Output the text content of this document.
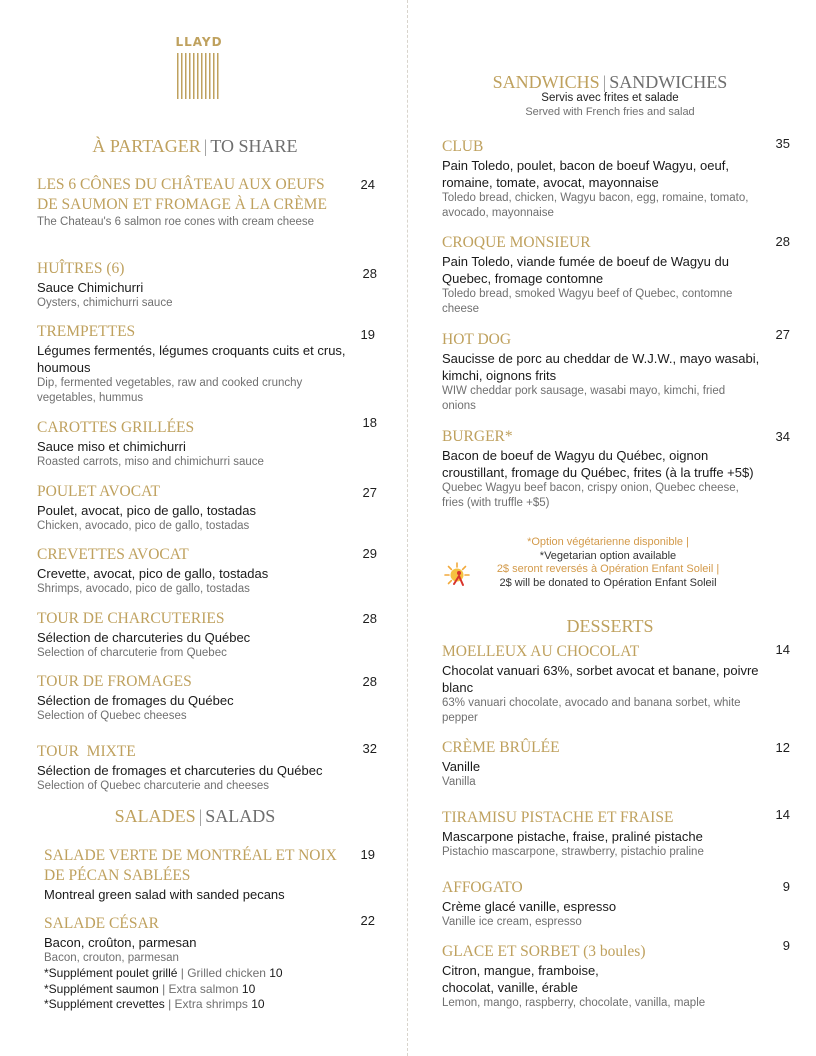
LLAYD
À PARTAGER | TO SHARE
LES 6 CÔNES DU CHÂTEAU AUX OEUFS DE SAUMON ET FROMAGE À LA CRÈME
The Chateau's 6 salmon roe cones with cream cheese
24
HUÎTRES (6)
Sauce Chimichurri
Oysters, chimichurri sauce
28
TREMPETTES
Légumes fermentés, légumes croquants cuits et crus, houmous
Dip, fermented vegetables, raw and cooked crunchy vegetables, hummus
19
CAROTTES GRILLÉES
Sauce miso et chimichurri
Roasted carrots, miso and chimichurri sauce
18
POULET AVOCAT
Poulet, avocat, pico de gallo, tostadas
Chicken, avocado, pico de gallo, tostadas
27
CREVETTES AVOCAT
Crevette, avocat, pico de gallo, tostadas
Shrimps, avocado, pico de gallo, tostadas
29
TOUR DE CHARCUTERIES
Sélection de charcuteries du Québec
Selection of charcuterie from Quebec
28
TOUR DE FROMAGES
Sélection de fromages du Québec
Selection of Quebec cheeses
28
TOUR  MIXTE
Sélection de fromages et charcuteries du Québec
Selection of Quebec charcuterie and cheeses
32
SALADES | SALADS
SALADE VERTE DE MONTRÉAL ET NOIX DE PÉCAN SABLÉES
Montreal green salad with sanded pecans
19
SALADE CÉSAR
Bacon, croûton, parmesan
Bacon, crouton, parmesan
*Supplément poulet grillé | Grilled chicken 10
*Supplément saumon | Extra salmon 10
*Supplément crevettes | Extra shrimps 10
22
SANDWICHS | SANDWICHES
Servis avec frites et salade
Served with French fries and salad
CLUB
Pain Toledo, poulet, bacon de boeuf Wagyu, oeuf, romaine, tomate, avocat, mayonnaise
Toledo bread, chicken, Wagyu bacon, egg, romaine, tomato, avocado, mayonnaise
35
CROQUE MONSIEUR
Pain Toledo, viande fumée de boeuf de Wagyu du Quebec, fromage contomne
Toledo bread, smoked Wagyu beef of Quebec, contomne cheese
28
HOT DOG
Saucisse de porc au cheddar de W.J.W., mayo wasabi, kimchi, oignons frits
WIW cheddar pork sausage, wasabi mayo, kimchi, fried onions
27
BURGER*
Bacon de boeuf de Wagyu du Québec, oignon croustillant, fromage du Québec, frites (à la truffe +5$)
Quebec Wagyu beef bacon, crispy onion, Quebec cheese, fries (with truffle +$5)
34
*Option végétarienne disponible |
*Vegetarian option available
2$ seront reversés à Opération Enfant Soleil |
2$ will be donated to Opération Enfant Soleil
DESSERTS
MOELLEUX AU CHOCOLAT
Chocolat vanuari 63%, sorbet avocat et banane, poivre blanc
63% vanuari chocolate, avocado and banana sorbet, white pepper
14
CRÈME BRÛLÉE
Vanille
Vanilla
12
TIRAMISU PISTACHE ET FRAISE
Mascarpone pistache, fraise, praliné pistache
Pistachio mascarpone, strawberry, pistachio praline
14
AFFOGATO
Crème glacé vanille, espresso
Vanille ice cream, espresso
9
GLACE ET SORBET (3 boules)
Citron, mangue, framboise, chocolat, vanille, érable
Lemon, mango, raspberry, chocolate, vanilla, maple
9
